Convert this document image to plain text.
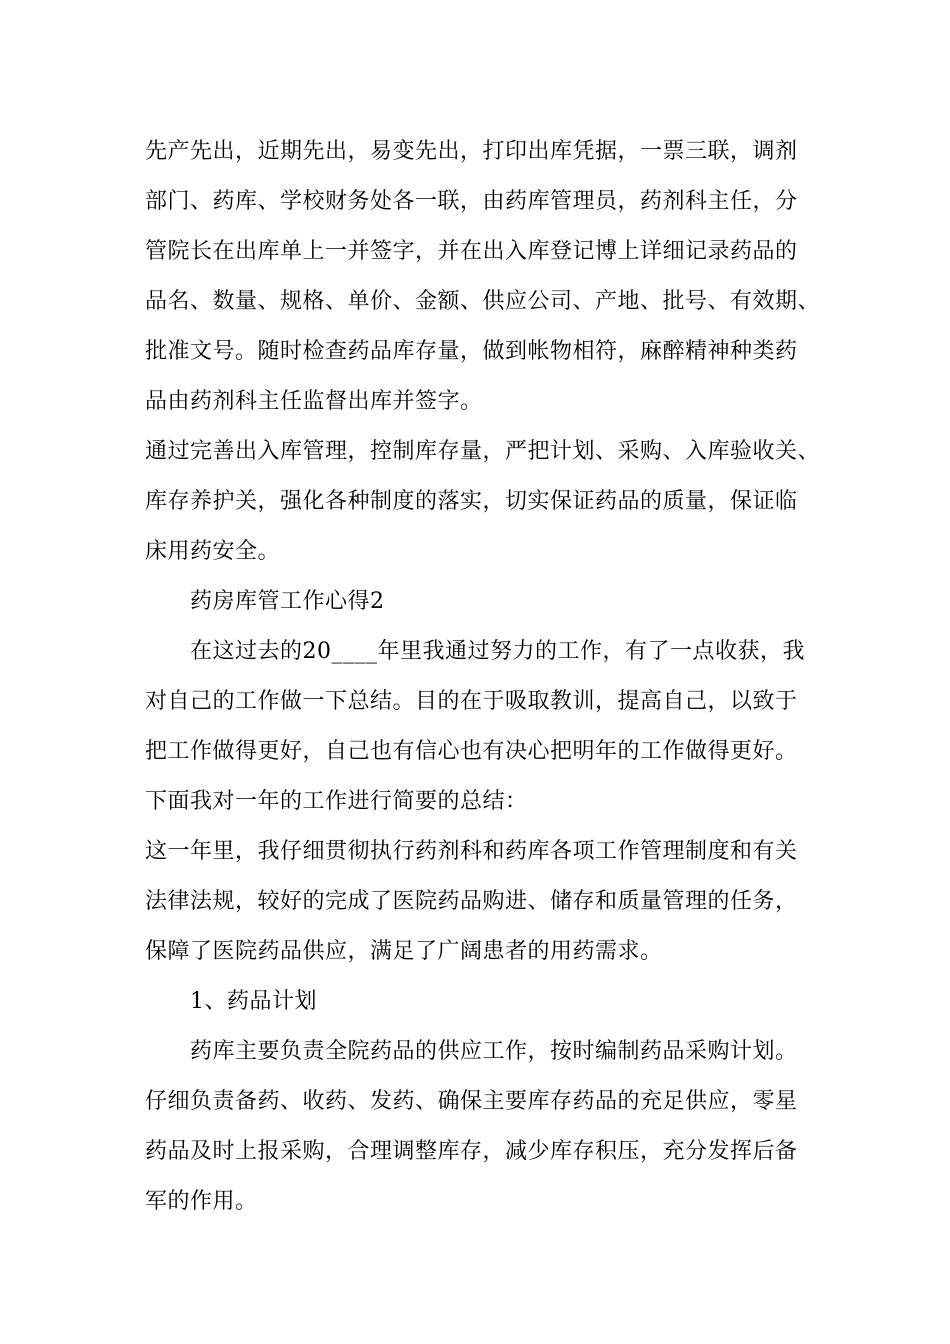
先产先出，近期先出，易变先出，打印出库凭据，一票三联，调剂
部门、药库、学校财务处各一联，由药库管理员，药剂科主任，分
管院长在出库单上一并签字，并在出入库登记博上详细记录药品的
品名、数量、规格、单价、金额、供应公司、产地、批号、有效期、
批准文号。随时检查药品库存量，做到帐物相符，麻醉精神种类药
品由药剂科主任监督出库并签字。
通过完善出入库管理，控制库存量，严把计划、采购、入库验收关、
库存养护关，强化各种制度的落实，切实保证药品的质量，保证临
床用药安全。
药房库管工作心得2
在这过去的20____年里我通过努力的工作，有了一点收获，我
对自己的工作做一下总结。目的在于吸取教训，提高自己，以致于
把工作做得更好，自己也有信心也有决心把明年的工作做得更好。
下面我对一年的工作进行简要的总结：
这一年里，我仔细贯彻执行药剂科和药库各项工作管理制度和有关
法律法规，较好的完成了医院药品购进、储存和质量管理的任务，
保障了医院药品供应，满足了广阔患者的用药需求。
1、药品计划
药库主要负责全院药品的供应工作，按时编制药品采购计划。
仔细负责备药、收药、发药、确保主要库存药品的充足供应，零星
药品及时上报采购，合理调整库存，减少库存积压，充分发挥后备
军的作用。
